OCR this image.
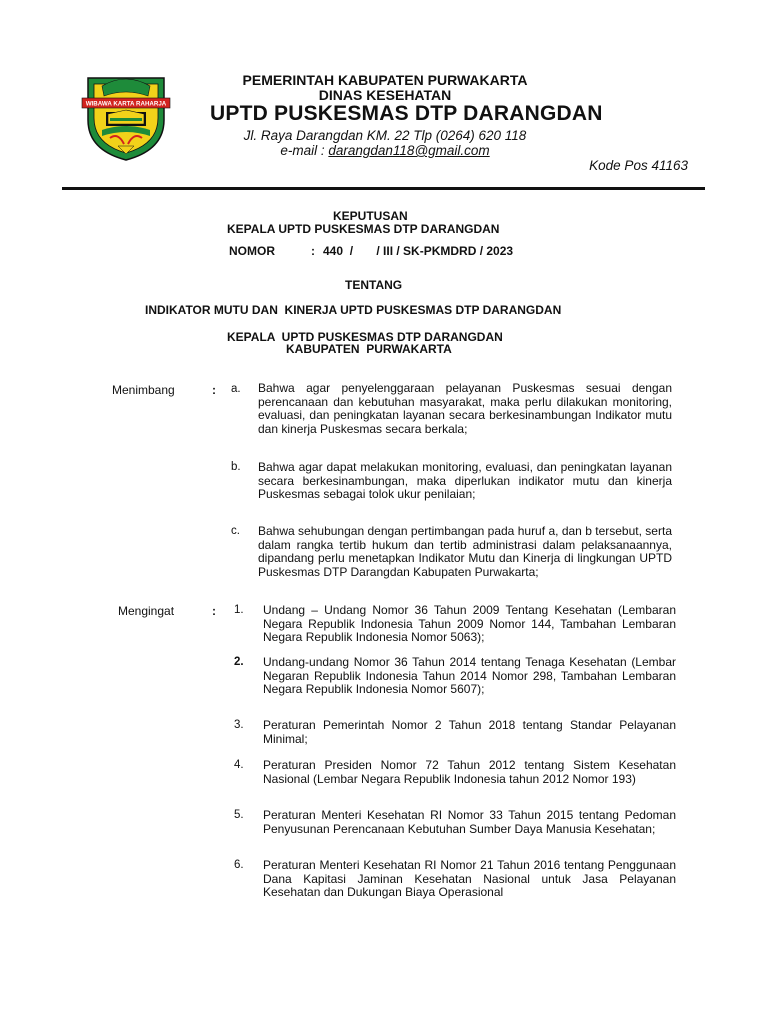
WIBAWA KARTA RAHARJA
PEMERINTAH KABUPATEN PURWAKARTA
DINAS KESEHATAN
UPTD PUSKESMAS DTP DARANGDAN
Jl. Raya Darangdan KM. 22 Tlp (0264) 620 118
e-mail : darangdan118@gmail.com
Kode Pos 41163
KEPUTUSAN
KEPALA UPTD PUSKESMAS DTP DARANGDAN
NOMOR	: 440  /       / III / SK-PKMDRD / 2023
TENTANG
INDIKATOR MUTU DAN  KINERJA UPTD PUSKESMAS DTP DARANGDAN
KEPALA  UPTD PUSKESMAS DTP DARANGDAN
KABUPATEN  PURWAKARTA
Menimbang	: a. Bahwa agar penyelenggaraan pelayanan Puskesmas sesuai dengan perencanaan dan kebutuhan masyarakat, maka perlu dilakukan monitoring, evaluasi, dan peningkatan layanan secara berkesinambungan Indikator mutu dan kinerja Puskesmas secara berkala;
b. Bahwa agar dapat melakukan monitoring, evaluasi, dan peningkatan layanan secara berkesinambungan, maka diperlukan indikator mutu dan kinerja Puskesmas sebagai tolok ukur penilaian;
c. Bahwa sehubungan dengan pertimbangan pada huruf a, dan b tersebut, serta dalam rangka tertib hukum dan tertib administrasi dalam pelaksanaannya, dipandang perlu menetapkan Indikator Mutu dan Kinerja di lingkungan UPTD Puskesmas DTP Darangdan Kabupaten Purwakarta;
Mengingat	: 1. Undang – Undang Nomor 36 Tahun 2009 Tentang Kesehatan (Lembaran Negara Republik Indonesia Tahun 2009 Nomor 144, Tambahan Lembaran Negara Republik Indonesia Nomor 5063);
2. Undang-undang Nomor 36 Tahun 2014 tentang Tenaga Kesehatan (Lembar Negaran Republik Indonesia Tahun 2014 Nomor 298, Tambahan Lembaran Negara Republik Indonesia Nomor 5607);
3. Peraturan Pemerintah Nomor 2 Tahun 2018 tentang Standar Pelayanan Minimal;
4. Peraturan Presiden Nomor 72 Tahun 2012 tentang Sistem Kesehatan Nasional (Lembar Negara Republik Indonesia tahun 2012 Nomor 193)
5. Peraturan Menteri Kesehatan RI Nomor 33 Tahun 2015 tentang Pedoman Penyusunan Perencanaan Kebutuhan Sumber Daya Manusia Kesehatan;
6. Peraturan Menteri Kesehatan RI Nomor 21 Tahun 2016 tentang Penggunaan Dana Kapitasi Jaminan Kesehatan Nasional untuk Jasa Pelayanan Kesehatan dan Dukungan Biaya Operasional
